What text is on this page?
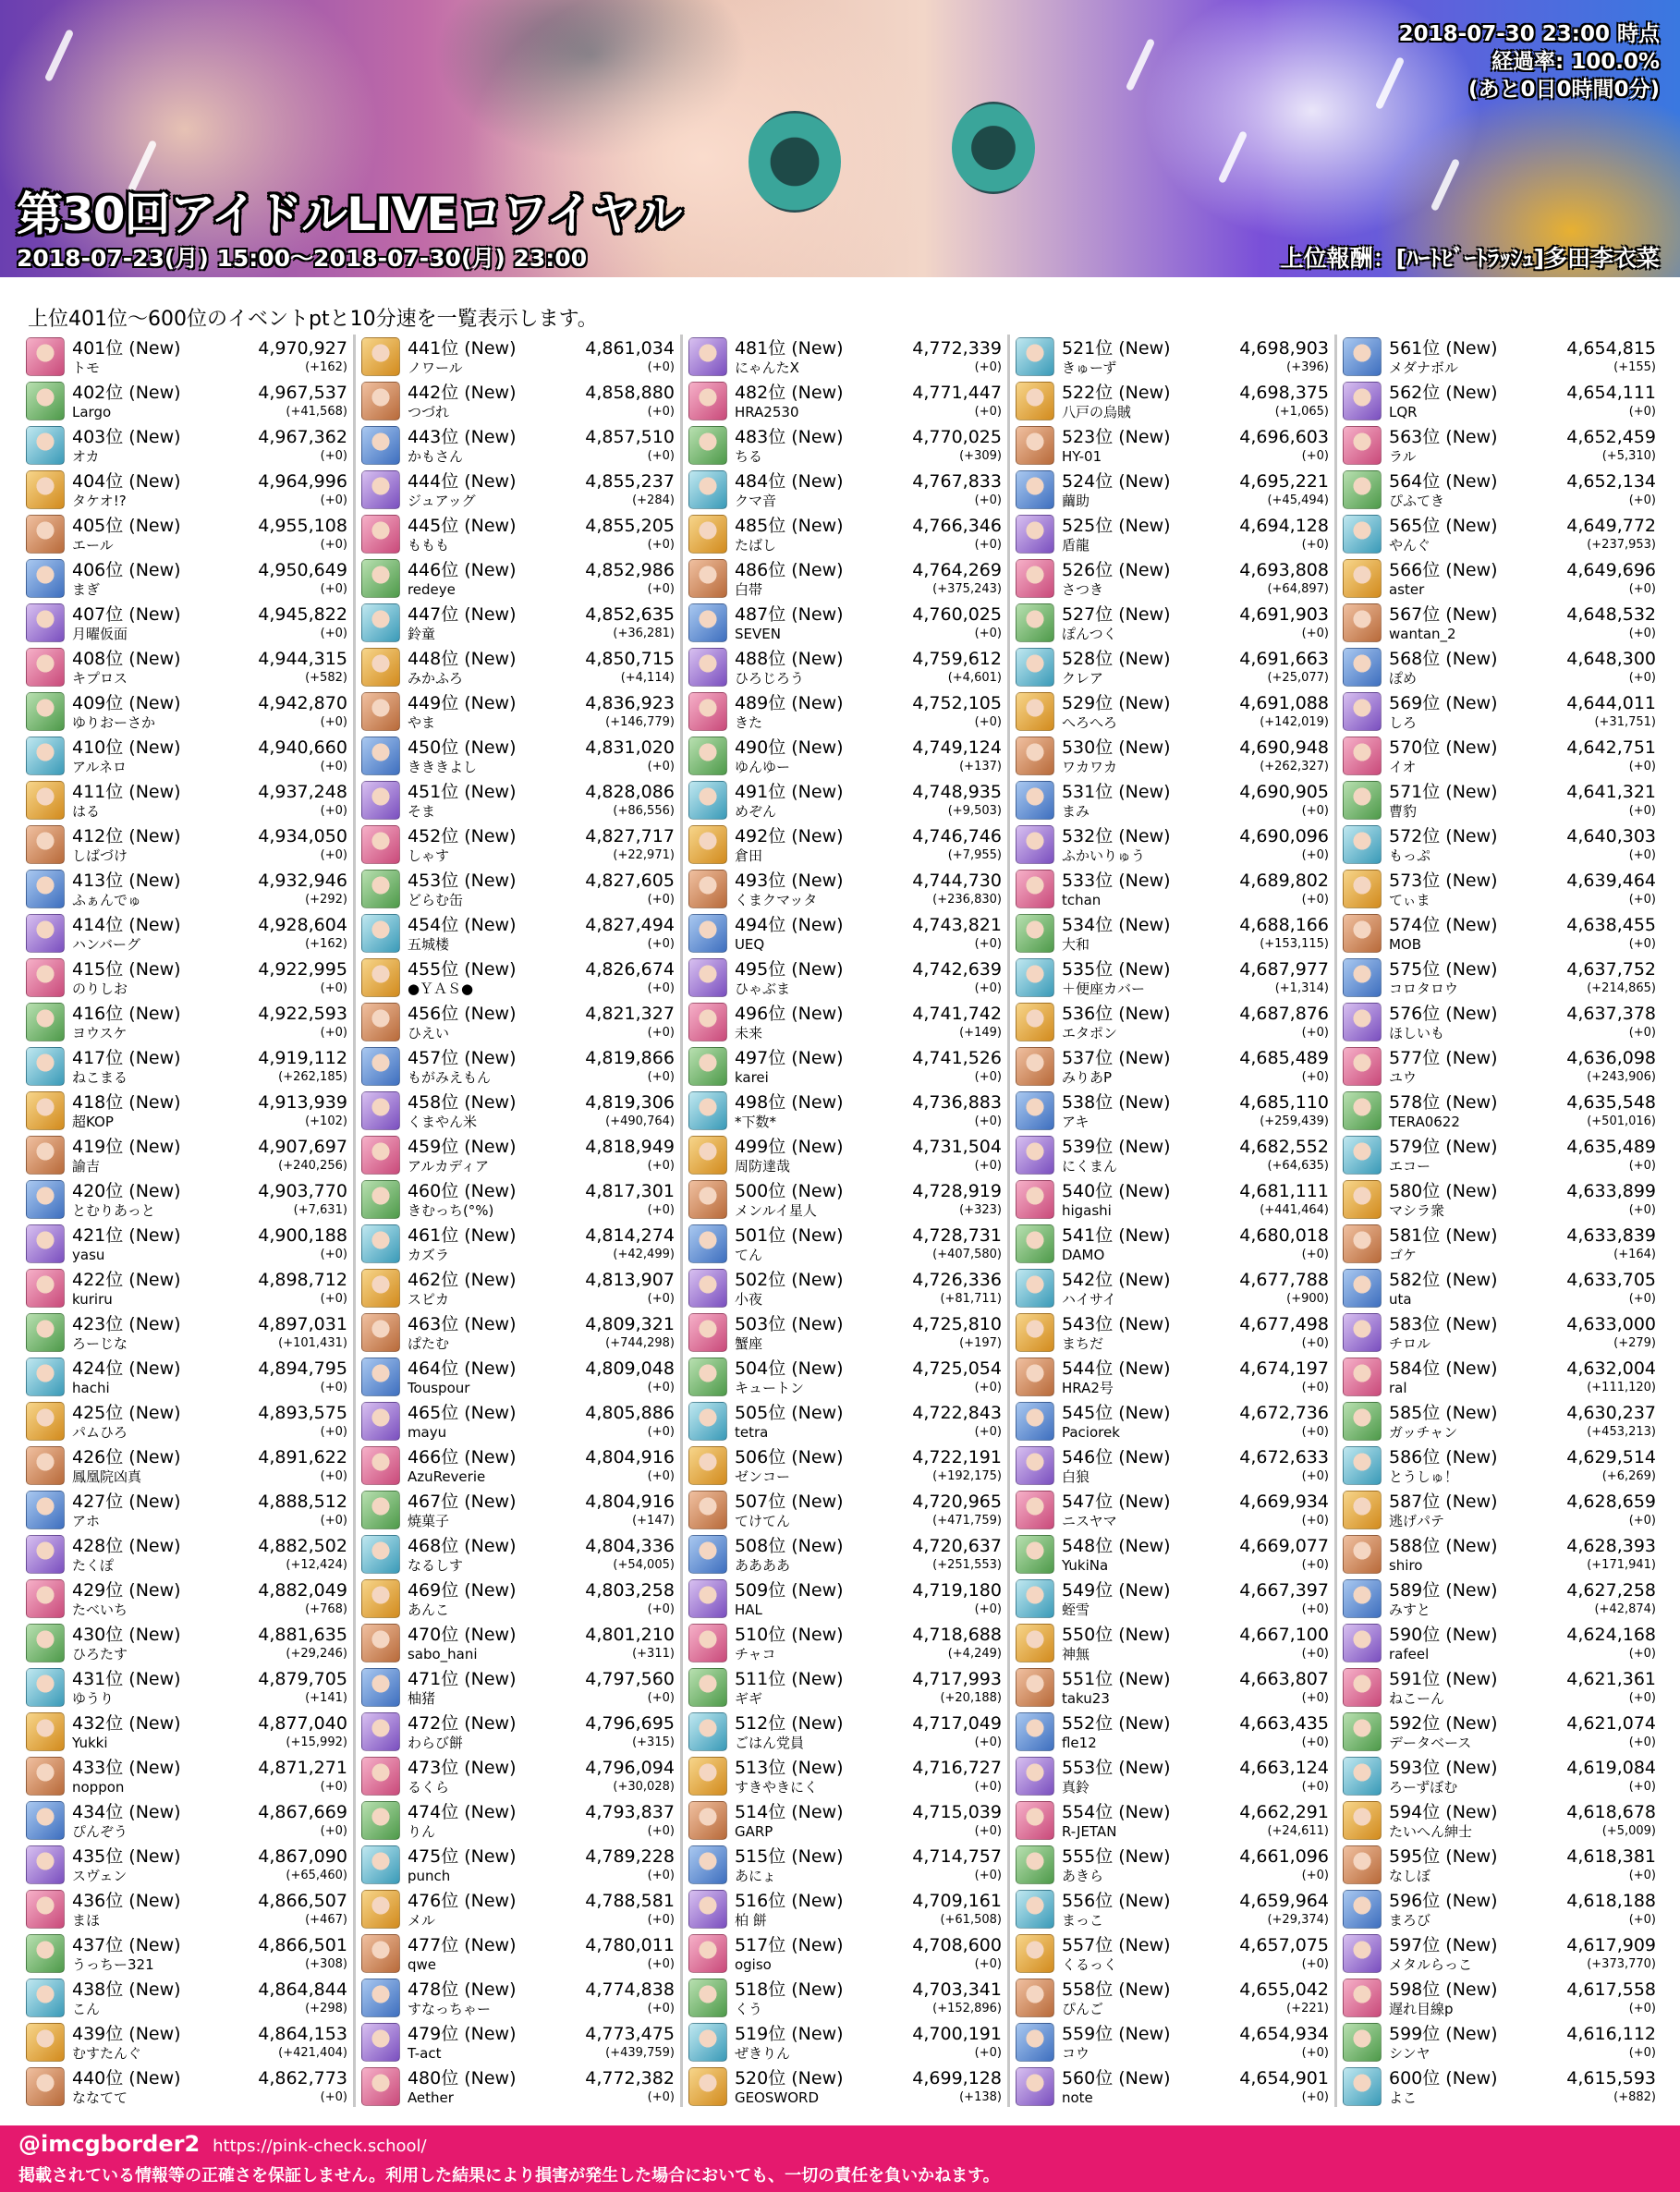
2018-07-30 23:00 時点
経過率: 100.0%
(あと0日0時間0分)
第30回アイドルLIVEロワイヤル
2018-07-23(月) 15:00～2018-07-30(月) 23:00	上位報酬：[ﾊｰﾄﾋﾞｰﾄﾗｯｼｭ]多田李衣菜
上位401位～600位のイベントptと10分速を一覧表示します。
401位 (New)	4,970,927
トモ	(+162)
402位 (New)	4,967,537
Largo	(+41,568)
403位 (New)	4,967,362
オカ	(+0)
404位 (New)	4,964,996
タケオ!?	(+0)
405位 (New)	4,955,108
エール	(+0)
406位 (New)	4,950,649
まぎ	(+0)
407位 (New)	4,945,822
月曜仮面	(+0)
408位 (New)	4,944,315
キプロス	(+582)
409位 (New)	4,942,870
ゆりおーさか	(+0)
410位 (New)	4,940,660
アルネロ	(+0)
411位 (New)	4,937,248
はる	(+0)
412位 (New)	4,934,050
しばづけ	(+0)
413位 (New)	4,932,946
ふぁんでゅ	(+292)
414位 (New)	4,928,604
ハンバーグ	(+162)
415位 (New)	4,922,995
のりしお	(+0)
416位 (New)	4,922,593
ヨウスケ	(+0)
417位 (New)	4,919,112
ねこまる	(+262,185)
418位 (New)	4,913,939
超KOP	(+102)
419位 (New)	4,907,697
諭吉	(+240,256)
420位 (New)	4,903,770
とむりあっと	(+7,631)
421位 (New)	4,900,188
yasu	(+0)
422位 (New)	4,898,712
kuriru	(+0)
423位 (New)	4,897,031
ろーじな	(+101,431)
424位 (New)	4,894,795
hachi	(+0)
425位 (New)	4,893,575
パムひろ	(+0)
426位 (New)	4,891,622
鳳凰院凶真	(+0)
427位 (New)	4,888,512
アホ	(+0)
428位 (New)	4,882,502
たくぽ	(+12,424)
429位 (New)	4,882,049
たべいち	(+768)
430位 (New)	4,881,635
ひろたす	(+29,246)
431位 (New)	4,879,705
ゆうり	(+141)
432位 (New)	4,877,040
Yukki	(+15,992)
433位 (New)	4,871,271
noppon	(+0)
434位 (New)	4,867,669
ぴんぞう	(+0)
435位 (New)	4,867,090
スヴェン	(+65,460)
436位 (New)	4,866,507
まほ	(+467)
437位 (New)	4,866,501
うっちー321	(+308)
438位 (New)	4,864,844
こん	(+298)
439位 (New)	4,864,153
むすたんぐ	(+421,404)
440位 (New)	4,862,773
ななてて	(+0)
441位 (New)	4,861,034
ノワール	(+0)
442位 (New)	4,858,880
つづれ	(+0)
443位 (New)	4,857,510
かもさん	(+0)
444位 (New)	4,855,237
ジュアッグ	(+284)
445位 (New)	4,855,205
ももも	(+0)
446位 (New)	4,852,986
redeye	(+0)
447位 (New)	4,852,635
鈴童	(+36,281)
448位 (New)	4,850,715
みかふろ	(+4,114)
449位 (New)	4,836,923
やま	(+146,779)
450位 (New)	4,831,020
きききよし	(+0)
451位 (New)	4,828,086
そま	(+86,556)
452位 (New)	4,827,717
しゃす	(+22,971)
453位 (New)	4,827,605
どらむ缶	(+0)
454位 (New)	4,827,494
五城楼	(+0)
455位 (New)	4,826,674
●ＹＡＳ●	(+0)
456位 (New)	4,821,327
ひえい	(+0)
457位 (New)	4,819,866
もがみえもん	(+0)
458位 (New)	4,819,306
くまやん米	(+490,764)
459位 (New)	4,818,949
アルカディア	(+0)
460位 (New)	4,817,301
きむっち(°%)	(+0)
461位 (New)	4,814,274
カズラ	(+42,499)
462位 (New)	4,813,907
スピカ	(+0)
463位 (New)	4,809,321
ぱたむ	(+744,298)
464位 (New)	4,809,048
Touspour	(+0)
465位 (New)	4,805,886
mayu	(+0)
466位 (New)	4,804,916
AzuReverie	(+0)
467位 (New)	4,804,916
焼菓子	(+147)
468位 (New)	4,804,336
なるしす	(+54,005)
469位 (New)	4,803,258
あんこ	(+0)
470位 (New)	4,801,210
sabo_hani	(+311)
471位 (New)	4,797,560
柚猪	(+0)
472位 (New)	4,796,695
わらび餅	(+315)
473位 (New)	4,796,094
るくら	(+30,028)
474位 (New)	4,793,837
りん	(+0)
475位 (New)	4,789,228
punch	(+0)
476位 (New)	4,788,581
メル	(+0)
477位 (New)	4,780,011
qwe	(+0)
478位 (New)	4,774,838
すなっちゃー	(+0)
479位 (New)	4,773,475
T-act	(+439,759)
480位 (New)	4,772,382
Aether	(+0)
481位 (New)	4,772,339
にゃんたX	(+0)
482位 (New)	4,771,447
HRA2530	(+0)
483位 (New)	4,770,025
ちる	(+309)
484位 (New)	4,767,833
クマ音	(+0)
485位 (New)	4,766,346
たばし	(+0)
486位 (New)	4,764,269
白帯	(+375,243)
487位 (New)	4,760,025
SEVEN	(+0)
488位 (New)	4,759,612
ひろじろう	(+4,601)
489位 (New)	4,752,105
きた	(+0)
490位 (New)	4,749,124
ゆんゆー	(+137)
491位 (New)	4,748,935
めぞん	(+9,503)
492位 (New)	4,746,746
倉田	(+7,955)
493位 (New)	4,744,730
くまクマッタ	(+236,830)
494位 (New)	4,743,821
UEQ	(+0)
495位 (New)	4,742,639
ひゃぶま	(+0)
496位 (New)	4,741,742
未来	(+149)
497位 (New)	4,741,526
karei	(+0)
498位 (New)	4,736,883
*下数*	(+0)
499位 (New)	4,731,504
周防達哉	(+0)
500位 (New)	4,728,919
メンルイ星人	(+323)
501位 (New)	4,728,731
てん	(+407,580)
502位 (New)	4,726,336
小夜	(+81,711)
503位 (New)	4,725,810
蟹座	(+197)
504位 (New)	4,725,054
キュートン	(+0)
505位 (New)	4,722,843
tetra	(+0)
506位 (New)	4,722,191
ゼンコー	(+192,175)
507位 (New)	4,720,965
てけてん	(+471,759)
508位 (New)	4,720,637
ああああ	(+251,553)
509位 (New)	4,719,180
HAL	(+0)
510位 (New)	4,718,688
チャコ	(+4,249)
511位 (New)	4,717,993
ギギ	(+20,188)
512位 (New)	4,717,049
ごはん党員	(+0)
513位 (New)	4,716,727
すきやきにく	(+0)
514位 (New)	4,715,039
GARP	(+0)
515位 (New)	4,714,757
あにょ	(+0)
516位 (New)	4,709,161
柏 餅	(+61,508)
517位 (New)	4,708,600
ogiso	(+0)
518位 (New)	4,703,341
くう	(+152,896)
519位 (New)	4,700,191
ぜきりん	(+0)
520位 (New)	4,699,128
GEOSWORD	(+138)
521位 (New)	4,698,903
きゅーず	(+396)
522位 (New)	4,698,375
八戸の烏賊	(+1,065)
523位 (New)	4,696,603
HY-01	(+0)
524位 (New)	4,695,221
繭助	(+45,494)
525位 (New)	4,694,128
盾龍	(+0)
526位 (New)	4,693,808
さつき	(+64,897)
527位 (New)	4,691,903
ぽんつく	(+0)
528位 (New)	4,691,663
クレア	(+25,077)
529位 (New)	4,691,088
へろへろ	(+142,019)
530位 (New)	4,690,948
ワカワカ	(+262,327)
531位 (New)	4,690,905
まみ	(+0)
532位 (New)	4,690,096
ふかいりゅう	(+0)
533位 (New)	4,689,802
tchan	(+0)
534位 (New)	4,688,166
大和	(+153,115)
535位 (New)	4,687,977
＋便座カバー	(+1,314)
536位 (New)	4,687,876
エタポン	(+0)
537位 (New)	4,685,489
みりあP	(+0)
538位 (New)	4,685,110
アキ	(+259,439)
539位 (New)	4,682,552
にくまん	(+64,635)
540位 (New)	4,681,111
higashi	(+441,464)
541位 (New)	4,680,018
DAMO	(+0)
542位 (New)	4,677,788
ハイサイ	(+900)
543位 (New)	4,677,498
まちだ	(+0)
544位 (New)	4,674,197
HRA2号	(+0)
545位 (New)	4,672,736
Paciorek	(+0)
546位 (New)	4,672,633
白狼	(+0)
547位 (New)	4,669,934
ニスヤマ	(+0)
548位 (New)	4,669,077
YukiNa	(+0)
549位 (New)	4,667,397
蛭雪	(+0)
550位 (New)	4,667,100
神無	(+0)
551位 (New)	4,663,807
taku23	(+0)
552位 (New)	4,663,435
fle12	(+0)
553位 (New)	4,663,124
真鈴	(+0)
554位 (New)	4,662,291
R-JETAN	(+24,611)
555位 (New)	4,661,096
あきら	(+0)
556位 (New)	4,659,964
まっこ	(+29,374)
557位 (New)	4,657,075
くるっく	(+0)
558位 (New)	4,655,042
ぴんご	(+221)
559位 (New)	4,654,934
コウ	(+0)
560位 (New)	4,654,901
note	(+0)
561位 (New)	4,654,815
メダナボル	(+155)
562位 (New)	4,654,111
LQR	(+0)
563位 (New)	4,652,459
ラル	(+5,310)
564位 (New)	4,652,134
ぴふてき	(+0)
565位 (New)	4,649,772
やんぐ	(+237,953)
566位 (New)	4,649,696
aster	(+0)
567位 (New)	4,648,532
wantan_2	(+0)
568位 (New)	4,648,300
ぽめ	(+0)
569位 (New)	4,644,011
しろ	(+31,751)
570位 (New)	4,642,751
イオ	(+0)
571位 (New)	4,641,321
曹豹	(+0)
572位 (New)	4,640,303
もっぷ	(+0)
573位 (New)	4,639,464
てぃま	(+0)
574位 (New)	4,638,455
MOB	(+0)
575位 (New)	4,637,752
コロタロウ	(+214,865)
576位 (New)	4,637,378
ほしいも	(+0)
577位 (New)	4,636,098
ユウ	(+243,906)
578位 (New)	4,635,548
TERA0622	(+501,016)
579位 (New)	4,635,489
エコー	(+0)
580位 (New)	4,633,899
マシラ衆	(+0)
581位 (New)	4,633,839
ゴケ	(+164)
582位 (New)	4,633,705
uta	(+0)
583位 (New)	4,633,000
チロル	(+279)
584位 (New)	4,632,004
ral	(+111,120)
585位 (New)	4,630,237
ガッチャン	(+453,213)
586位 (New)	4,629,514
とうしゅ！	(+6,269)
587位 (New)	4,628,659
逃げパテ	(+0)
588位 (New)	4,628,393
shiro	(+171,941)
589位 (New)	4,627,258
みすと	(+42,874)
590位 (New)	4,624,168
rafeel	(+0)
591位 (New)	4,621,361
ねこーん	(+0)
592位 (New)	4,621,074
データベース	(+0)
593位 (New)	4,619,084
ろーずぼむ	(+0)
594位 (New)	4,618,678
たいへん紳士	(+5,009)
595位 (New)	4,618,381
なしぼ	(+0)
596位 (New)	4,618,188
まろび	(+0)
597位 (New)	4,617,909
メタルらっこ	(+373,770)
598位 (New)	4,617,558
遅れ目線p	(+0)
599位 (New)	4,616,112
シンヤ	(+0)
600位 (New)	4,615,593
よこ	(+882)
@imcgborder2 https://pink-check.school/
掲載されている情報等の正確さを保証しません。利用した結果により損害が発生した場合においても、一切の責任を負いかねます。
